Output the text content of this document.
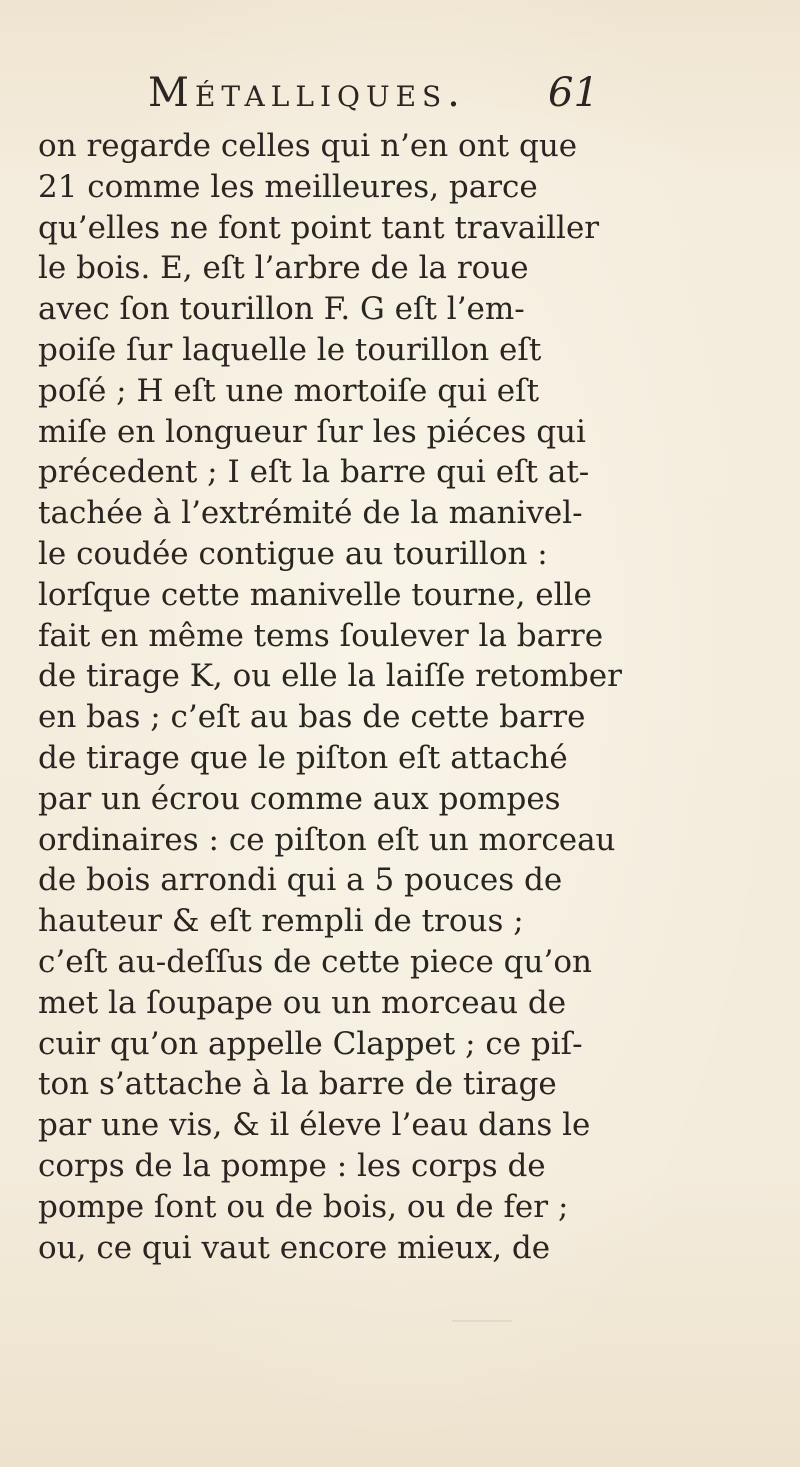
Métalliques. 61
on regarde celles qui n’en ont que
21 comme les meilleures, parce
qu’elles ne font point tant travailler
le bois. E, eſt l’arbre de la roue
avec ſon tourillon F. G eſt l’em-
poiſe ſur laquelle le tourillon eſt
poſé ; H eſt une mortoiſe qui eſt
miſe en longueur ſur les piéces qui
précedent ; I eſt la barre qui eſt at-
tachée à l’extrémité de la manivel-
le coudée contigue au tourillon :
lorſque cette manivelle tourne, elle
fait en même tems ſoulever la barre
de tirage K, ou elle la laiſſe retomber
en bas ; c’eſt au bas de cette barre
de tirage que le piſton eſt attaché
par un écrou comme aux pompes
ordinaires : ce piſton eſt un morceau
de bois arrondi qui a 5 pouces de
hauteur & eſt rempli de trous ;
c’eſt au-deſſus de cette piece qu’on
met la ſoupape ou un morceau de
cuir qu’on appelle Clappet ; ce piſ-
ton s’attache à la barre de tirage
par une vis, & il éleve l’eau dans le
corps de la pompe : les corps de
pompe ſont ou de bois, ou de fer ;
ou, ce qui vaut encore mieux, de
